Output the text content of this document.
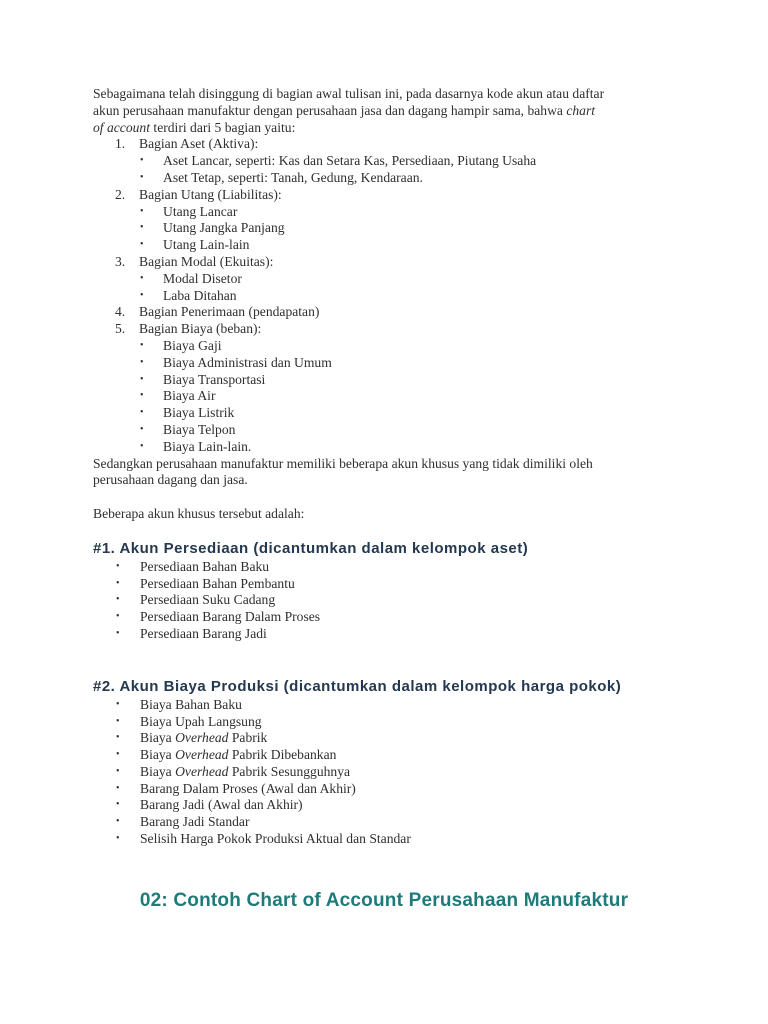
Sebagaimana telah disinggung di bagian awal tulisan ini, pada dasarnya kode akun atau daftar
akun perusahaan manufaktur dengan perusahaan jasa dan dagang hampir sama, bahwa chart
of account terdiri dari 5 bagian yaitu:

1. Bagian Aset (Aktiva):
• Aset Lancar, seperti: Kas dan Setara Kas, Persediaan, Piutang Usaha
• Aset Tetap, seperti: Tanah, Gedung, Kendaraan.
2. Bagian Utang (Liabilitas):
• Utang Lancar
• Utang Jangka Panjang
• Utang Lain-lain
3. Bagian Modal (Ekuitas):
• Modal Disetor
• Laba Ditahan
4. Bagian Penerimaan (pendapatan)
5. Bagian Biaya (beban):
• Biaya Gaji
• Biaya Administrasi dan Umum
• Biaya Transportasi
• Biaya Air
• Biaya Listrik
• Biaya Telpon
• Biaya Lain-lain.

Sedangkan perusahaan manufaktur memiliki beberapa akun khusus yang tidak dimiliki oleh
perusahaan dagang dan jasa.

Beberapa akun khusus tersebut adalah:

#1. Akun Persediaan (dicantumkan dalam kelompok aset)
• Persediaan Bahan Baku
• Persediaan Bahan Pembantu
• Persediaan Suku Cadang
• Persediaan Barang Dalam Proses
• Persediaan Barang Jadi
#2. Akun Biaya Produksi (dicantumkan dalam kelompok harga pokok)
• Biaya Bahan Baku
• Biaya Upah Langsung
• Biaya Overhead Pabrik
• Biaya Overhead Pabrik Dibebankan
• Biaya Overhead Pabrik Sesungguhnya
• Barang Dalam Proses (Awal dan Akhir)
• Barang Jadi (Awal dan Akhir)
• Barang Jadi Standar
• Selisih Harga Pokok Produksi Aktual dan Standar
02: Contoh Chart of Account Perusahaan Manufaktur
